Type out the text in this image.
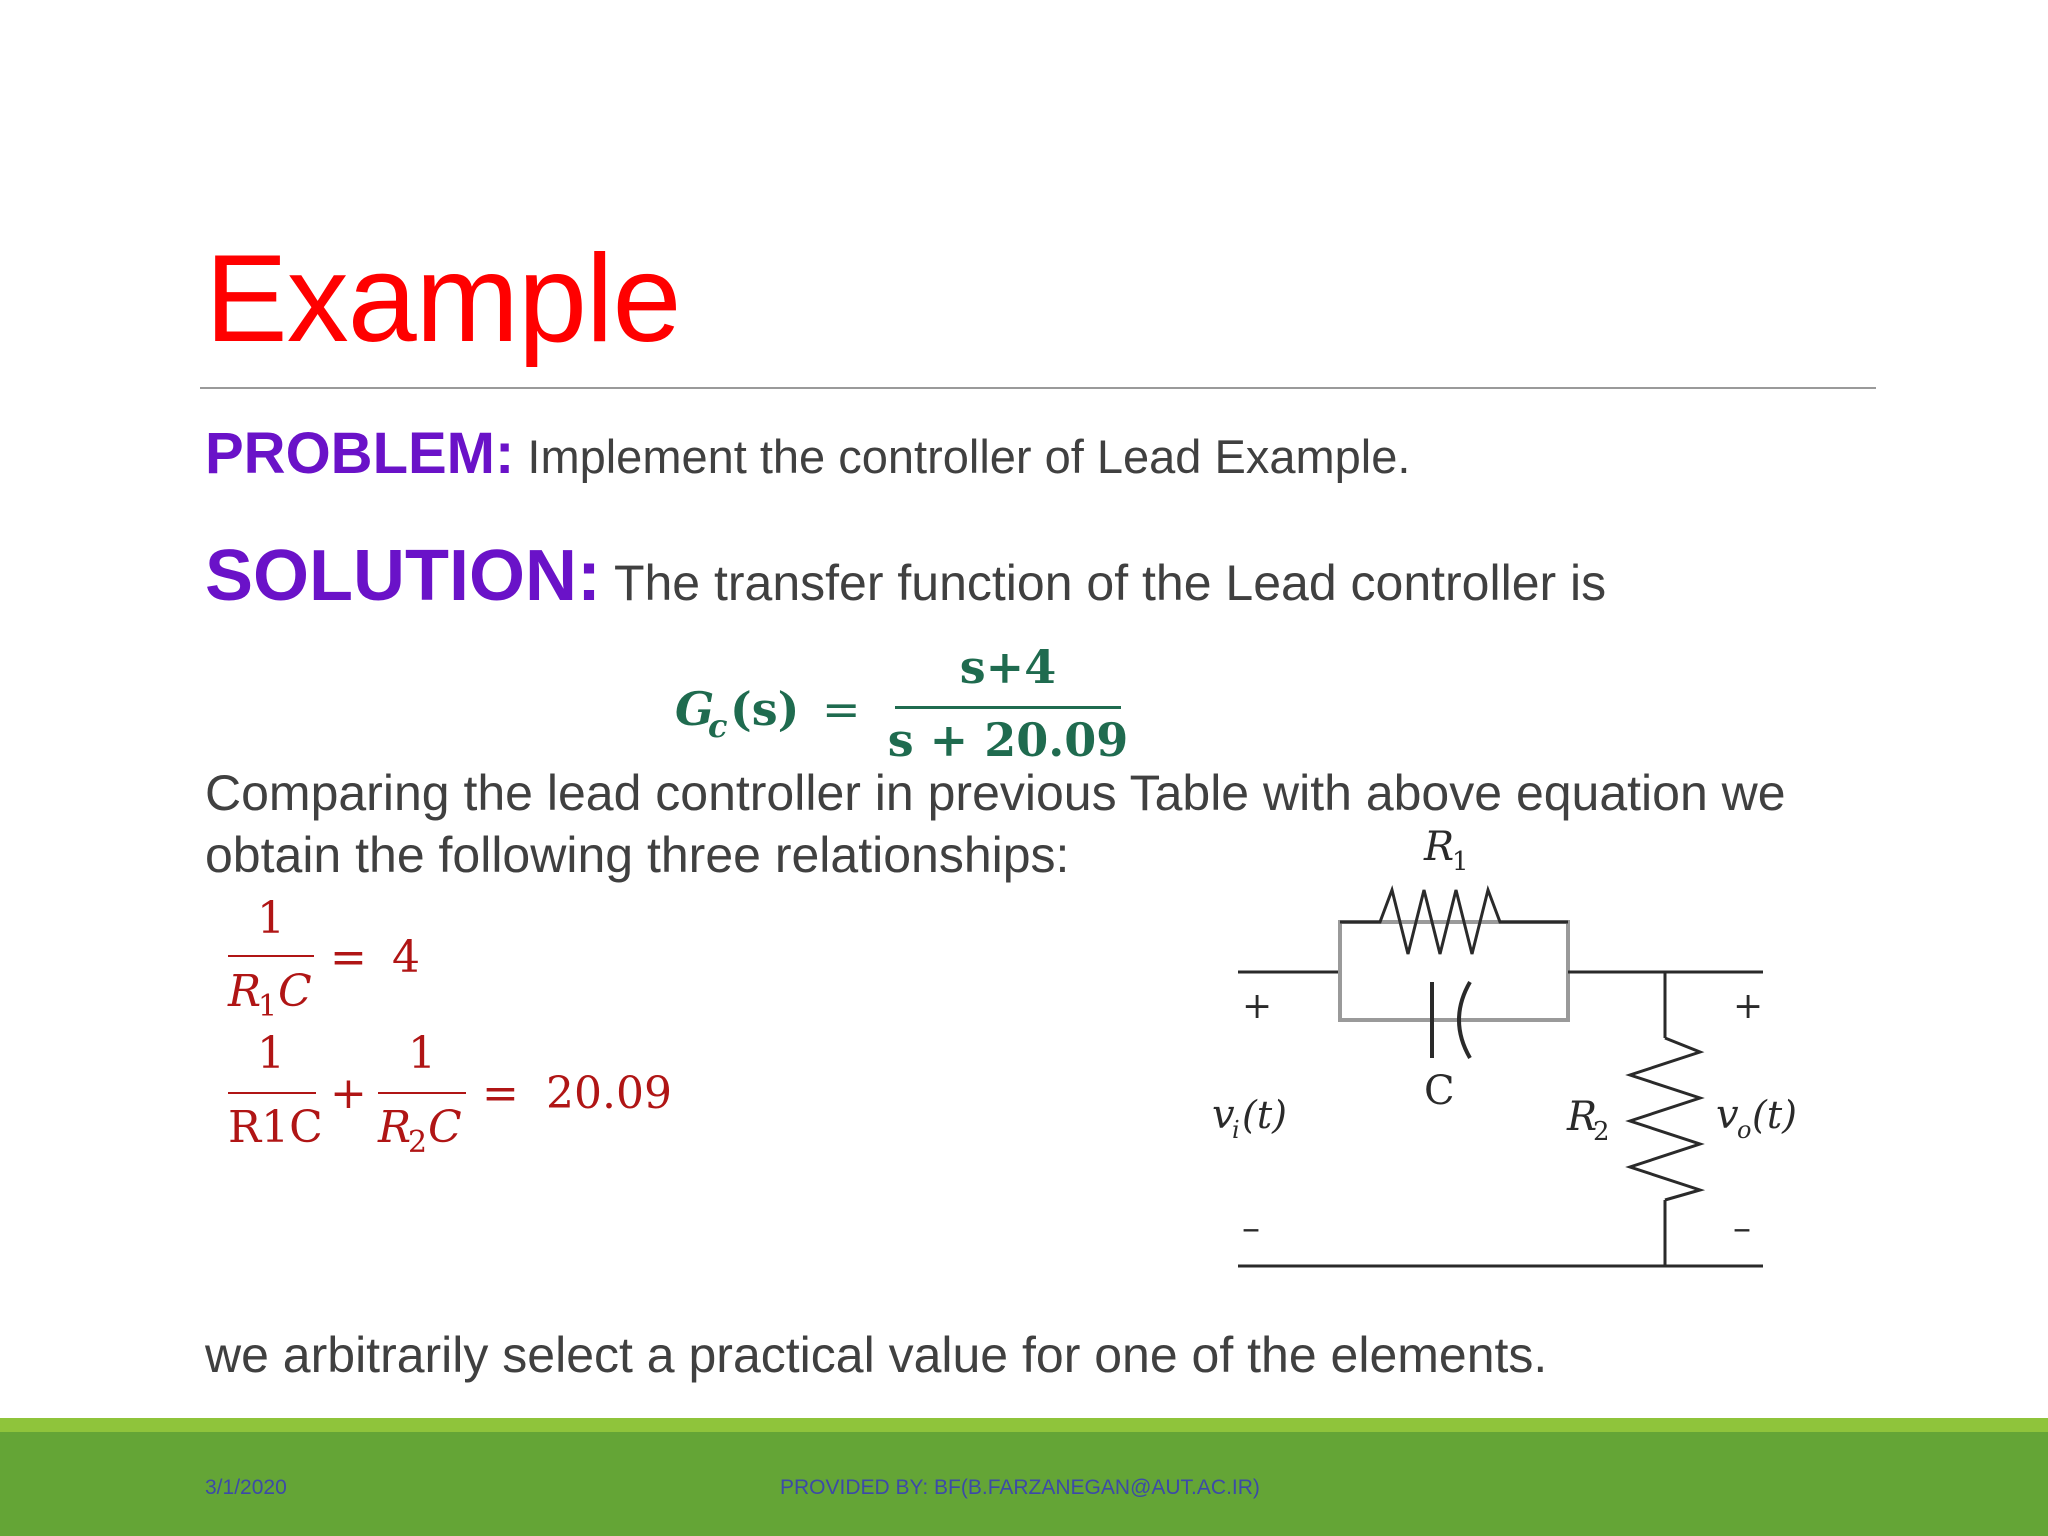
Example
PROBLEM: Implement the controller of Lead Example.
SOLUTION: The transfer function of the Lead controller is
Comparing the lead controller in previous Table with above equation we obtain the following three relationships:
we arbitrarily select a practical value for one of the elements.
G
c (s) =
s+4
s + 20.09
1
R
1 C
= 4
1
R1C
+
1
R
2 C
= 20.09
R
1
C
R
2
+	+
–	–
v
i (t)	v
o (t)
3/1/2020	PROVIDED BY: BF(B.FARZANEGAN@AUT.AC.IR)
